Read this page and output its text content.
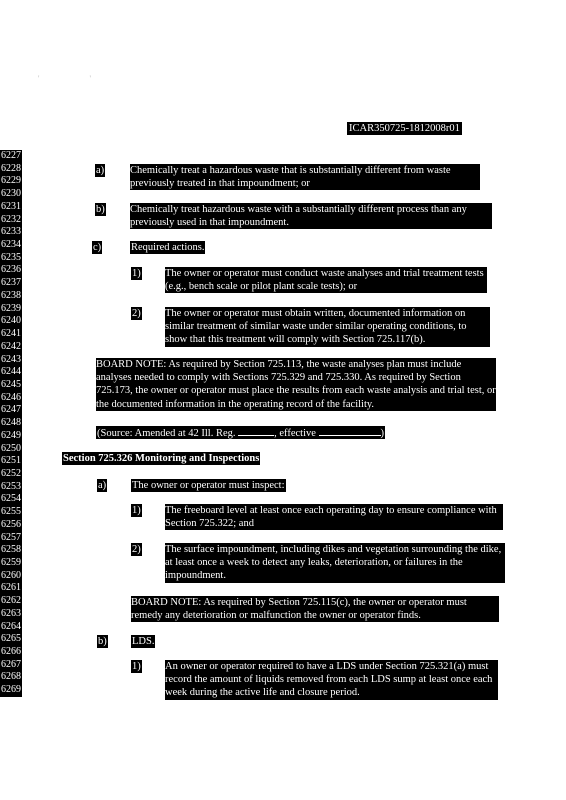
' '
ICAR350725-1812008r01
6227
6228
6229
6230
6231
6232
6233
6234
6235
6236
6237
6238
6239
6240
6241
6242
6243
6244
6245
6246
6247
6248
6249
6250
6251
6252
6253
6254
6255
6256
6257
6258
6259
6260
6261
6262
6263
6264
6265
6266
6267
6268
6269
a) Chemically treat a hazardous waste that is substantially different from waste previously treated in that impoundment; or
b) Chemically treat hazardous waste with a substantially different process than any previously used in that impoundment.
c)	Required actions.
1) The owner or operator must conduct waste analyses and trial treatment tests (e.g., bench scale or pilot plant scale tests); or
2) The owner or operator must obtain written, documented information on similar treatment of similar waste under similar operating conditions, to show that this treatment will comply with Section 725.117(b).
BOARD NOTE: As required by Section 725.113, the waste analyses plan must include analyses needed to comply with Sections 725.329 and 725.330. As required by Section 725.173, the owner or operator must place the results from each waste analysis and trial test, or the documented information in the operating record of the facility.
(Source: Amended at 42 Ill. Reg.	, effective	)
Section 725.326 Monitoring and Inspections
a) The owner or operator must inspect:
1) The freeboard level at least once each operating day to ensure compliance with Section 725.322; and
2) The surface impoundment, including dikes and vegetation surrounding the dike, at least once a week to detect any leaks, deterioration, or failures in the impoundment.
BOARD NOTE: As required by Section 725.115(c), the owner or operator must remedy any deterioration or malfunction the owner or operator finds.
b) LDS.
1) An owner or operator required to have a LDS under Section 725.321(a) must record the amount of liquids removed from each LDS sump at least once each week during the active life and closure period.
